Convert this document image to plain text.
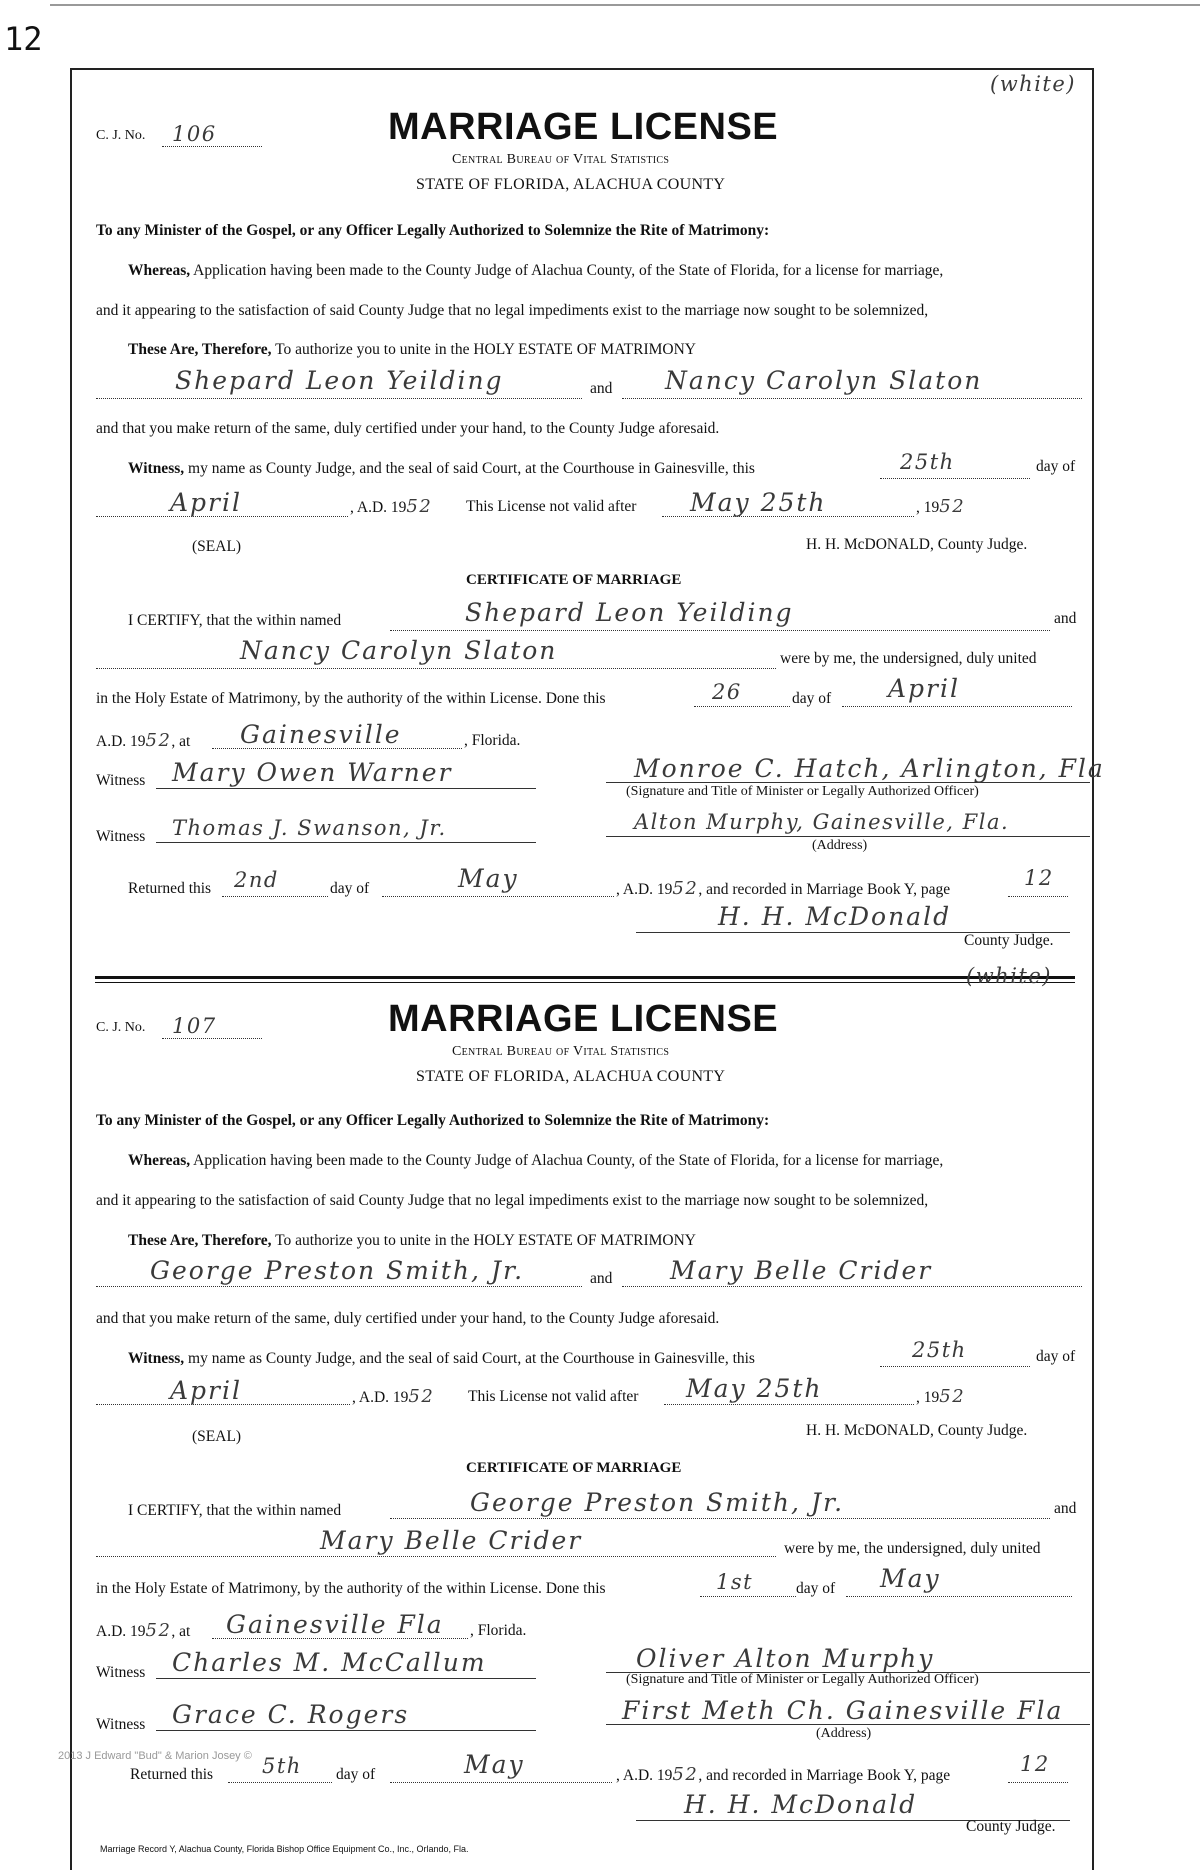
12
(white)
C. J. No. 106	MARRIAGE LICENSE
Central Bureau of Vital Statistics
STATE OF FLORIDA, ALACHUA COUNTY
To any Minister of the Gospel, or any Officer Legally Authorized to Solemnize the Rite of Matrimony:
Whereas, Application having been made to the County Judge of Alachua County, of the State of Florida, for a license for marriage,
and it appearing to the satisfaction of said County Judge that no legal impediments exist to the marriage now sought to be solemnized,
These Are, Therefore, To authorize you to unite in the HOLY ESTATE OF MATRIMONY
Shepard Leon Yeilding	and Nancy Carolyn Slaton
and that you make return of the same, duly certified under your hand, to the County Judge aforesaid.
Witness, my name as County Judge, and the seal of said Court, at the Courthouse in Gainesville, this	25th	day of
April	, A.D. 1952 This License not valid after May 25th	, 1952
(SEAL)	H. H. McDONALD, County Judge.
CERTIFICATE OF MARRIAGE
I CERTIFY, that the within named	Shepard Leon Yeilding	and
Nancy Carolyn Slaton	were by me, the undersigned, duly united
in the Holy Estate of Matrimony, by the authority of the within License. Done this	26	day of April
A.D. 1952, at Gainesville	, Florida.
Witness Mary Owen Warner	Monroe C. Hatch, Arlington, Fla
(Signature and Title of Minister or Legally Authorized Officer)
Witness Thomas J. Swanson, Jr.	Alton Murphy, Gainesville, Fla.
(Address)
Returned this 2nd	day of	May	, A.D. 1952, and recorded in Marriage Book Y, page	12
H. H. McDonald
County Judge.
(white)
C. J. No. 107	MARRIAGE LICENSE
Central Bureau of Vital Statistics
STATE OF FLORIDA, ALACHUA COUNTY
To any Minister of the Gospel, or any Officer Legally Authorized to Solemnize the Rite of Matrimony:
Whereas, Application having been made to the County Judge of Alachua County, of the State of Florida, for a license for marriage,
and it appearing to the satisfaction of said County Judge that no legal impediments exist to the marriage now sought to be solemnized,
These Are, Therefore, To authorize you to unite in the HOLY ESTATE OF MATRIMONY
George Preston Smith, Jr.	and Mary Belle Crider
and that you make return of the same, duly certified under your hand, to the County Judge aforesaid.
Witness, my name as County Judge, and the seal of said Court, at the Courthouse in Gainesville, this	25th	day of
April	, A.D. 1952 This License not valid after May 25th	, 1952
(SEAL)	H. H. McDONALD, County Judge.
CERTIFICATE OF MARRIAGE
I CERTIFY, that the within named	George Preston Smith, Jr.	and
Mary Belle Crider	were by me, the undersigned, duly united
in the Holy Estate of Matrimony, by the authority of the within License. Done this	1st	day of May
A.D. 1952, at Gainesville Fla , Florida.
Witness Charles M. McCallum	Oliver Alton Murphy
(Signature and Title of Minister or Legally Authorized Officer)
Witness Grace C. Rogers	First Meth Ch. Gainesville Fla
(Address)
2013 J Edward "Bud" & Marion Josey ©
Returned this 5th day of	May	, A.D. 1952, and recorded in Marriage Book Y, page	12
H. H. McDonald
County Judge.
Marriage Record Y, Alachua County, Florida Bishop Office Equipment Co., Inc., Orlando, Fla.
